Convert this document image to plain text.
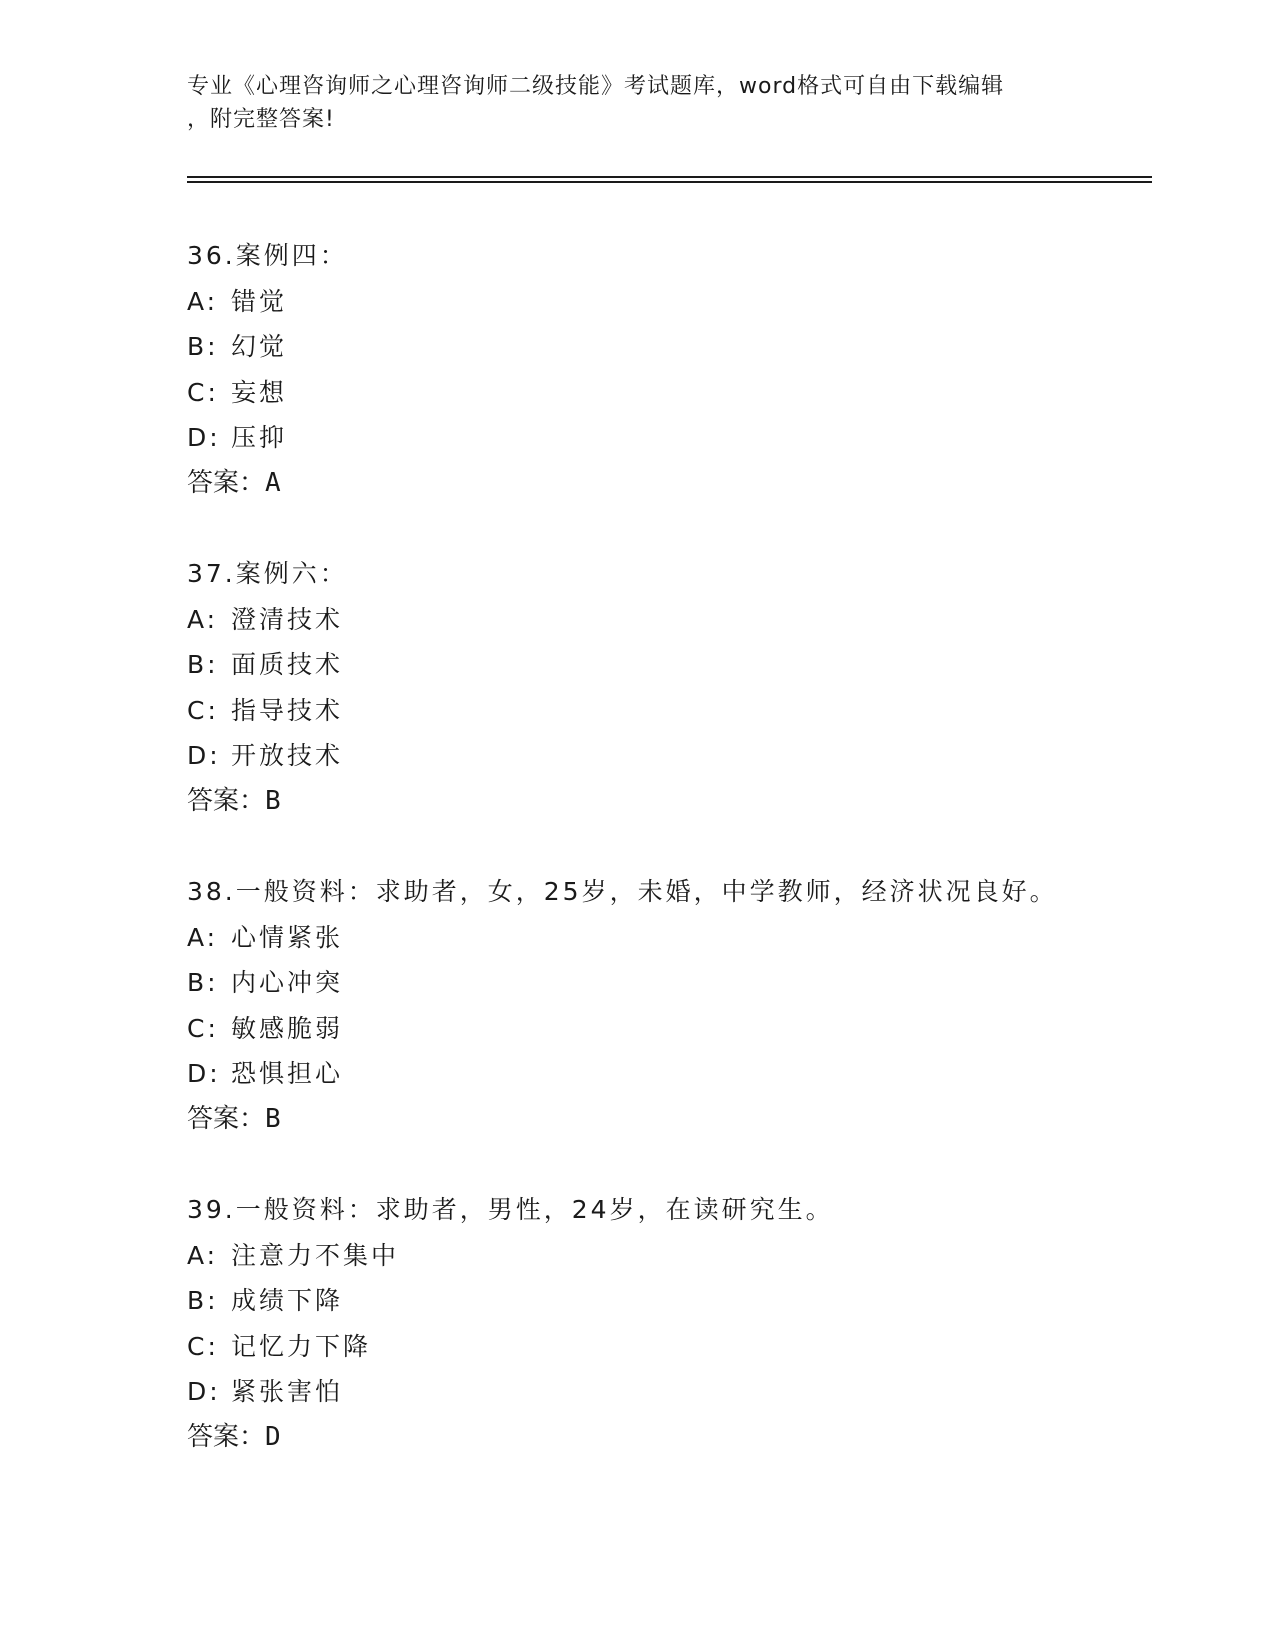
专业《心理咨询师之心理咨询师二级技能》考试题库，word格式可自由下载编辑
，附完整答案!
36.案例四：
A: 错觉
B: 幻觉
C: 妄想
D: 压抑
答案：A
37.案例六：
A: 澄清技术
B: 面质技术
C: 指导技术
D: 开放技术
答案：B
38.一般资料：求助者，女，25岁，未婚，中学教师，经济状况良好。
A: 心情紧张
B: 内心冲突
C: 敏感脆弱
D: 恐惧担心
答案：B
39.一般资料：求助者，男性，24岁，在读研究生。
A: 注意力不集中
B: 成绩下降
C: 记忆力下降
D: 紧张害怕
答案：D
